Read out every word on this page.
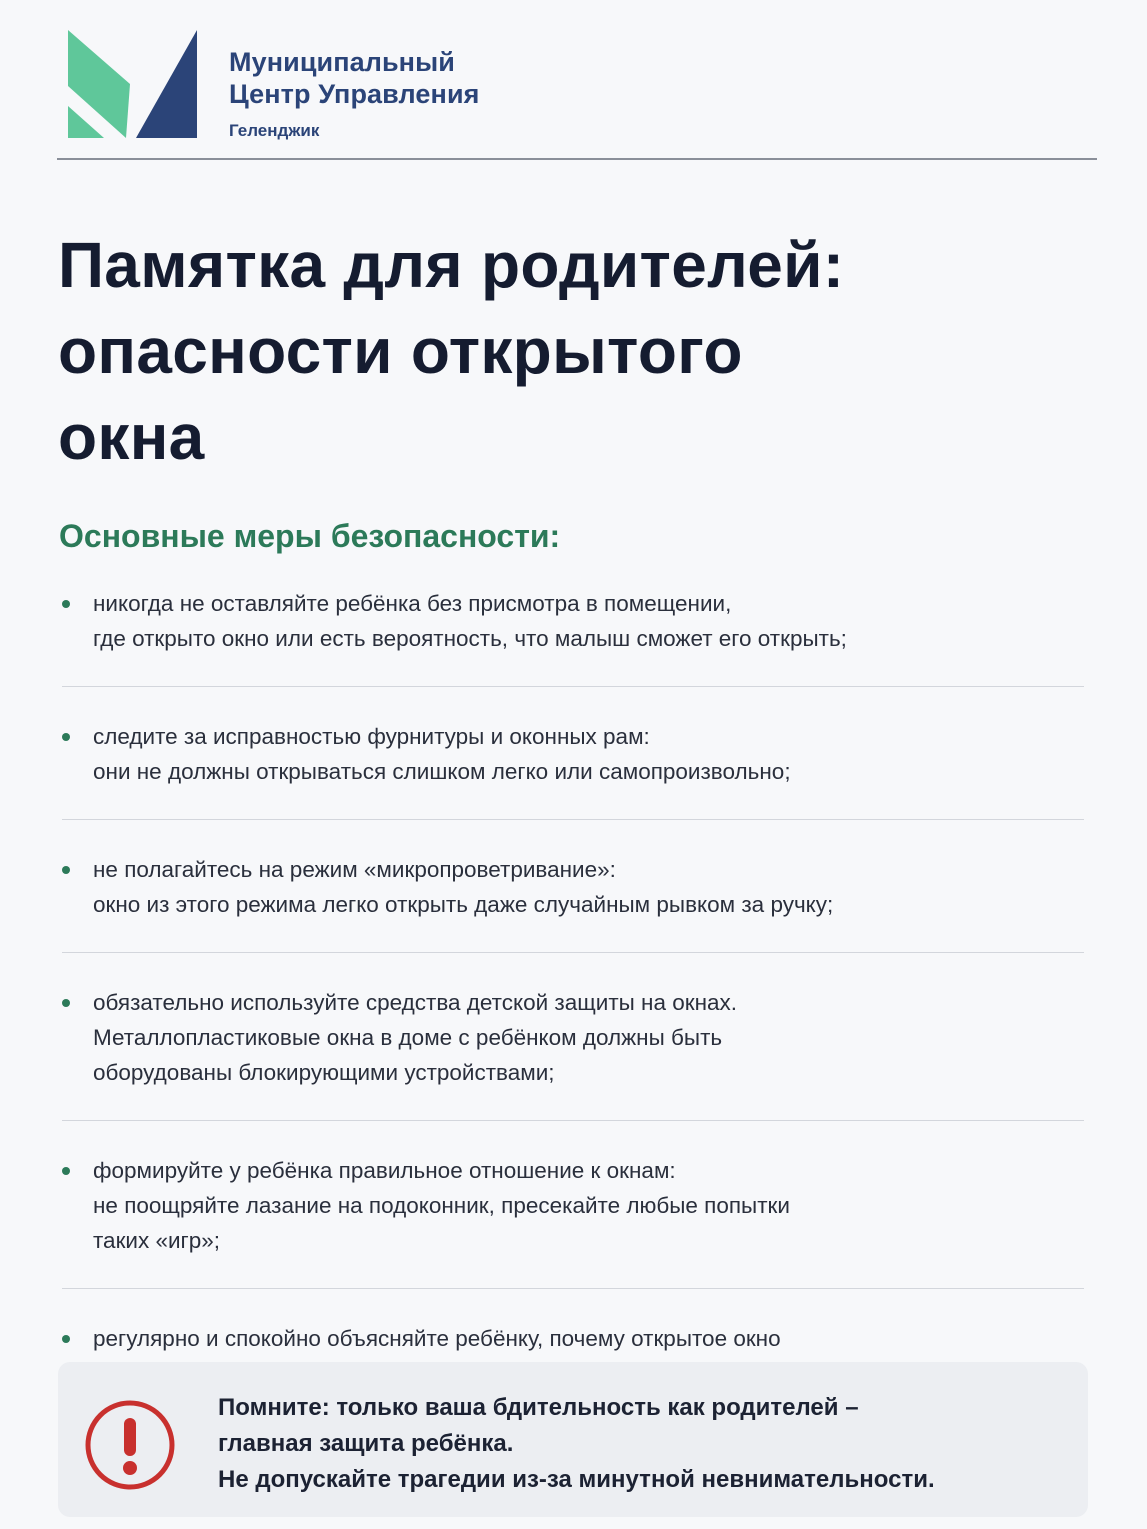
Муниципальный
Центр Управления
Геленджик
Памятка для родителей:
опасности открытого
окна
Основные меры безопасности:
никогда не оставляйте ребёнка без присмотра в помещении,
где открыто окно или есть вероятность, что малыш сможет его открыть;
следите за исправностью фурнитуры и оконных рам:
они не должны открываться слишком легко или самопроизвольно;
не полагайтесь на режим «микропроветривание»:
окно из этого режима легко открыть даже случайным рывком за ручку;
обязательно используйте средства детской защиты на окнах.
Металлопластиковые окна в доме с ребёнком должны быть
оборудованы блокирующими устройствами;
формируйте у ребёнка правильное отношение к окнам:
не поощряйте лазание на подоконник, пресекайте любые попытки
таких «игр»;
регулярно и спокойно объясняйте ребёнку, почему открытое окно
Помните: только ваша бдительность как родителей –
главная защита ребёнка.
Не допускайте трагедии из-за минутной невнимательности.
